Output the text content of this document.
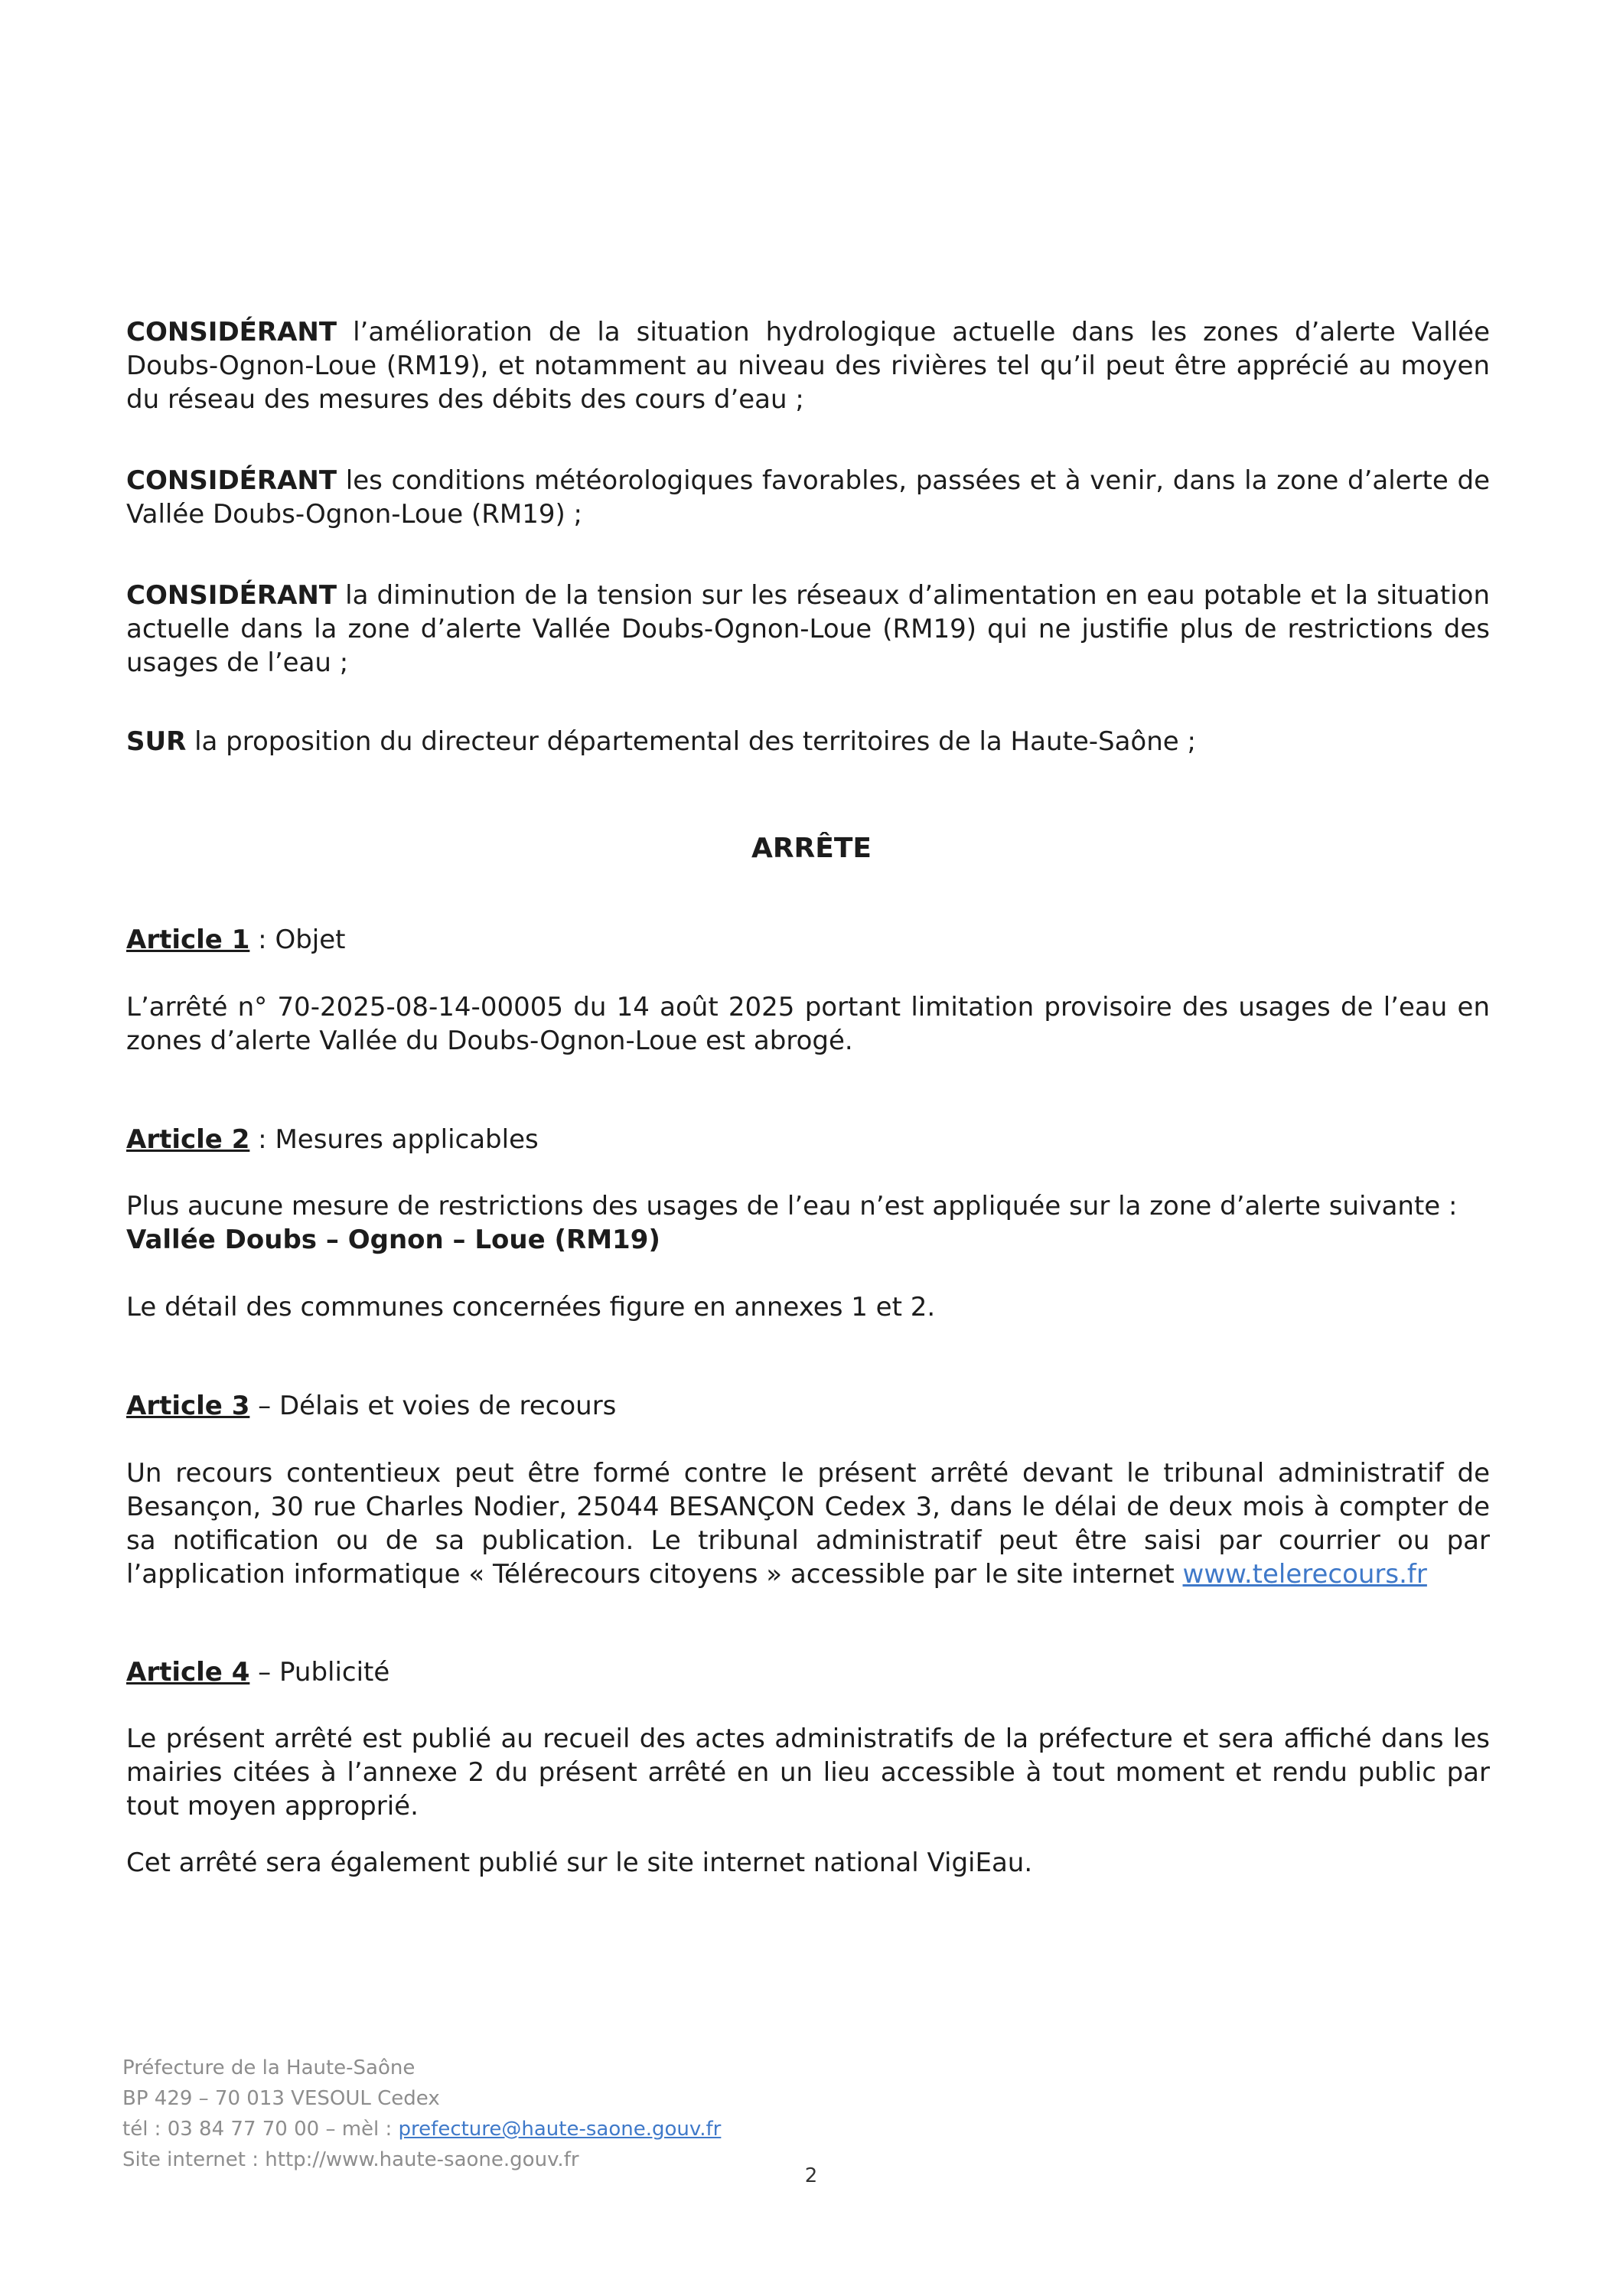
CONSIDÉRANT l’amélioration de la situation hydrologique actuelle dans les zones d’alerte Vallée Doubs-Ognon-Loue (RM19), et notamment au niveau des rivières tel qu’il peut être apprécié au moyen du réseau des mesures des débits des cours d’eau ;

CONSIDÉRANT les conditions météorologiques favorables, passées et à venir, dans la zone d’alerte de Vallée Doubs-Ognon-Loue (RM19) ;

CONSIDÉRANT la diminution de la tension sur les réseaux d’alimentation en eau potable et la situation actuelle dans la zone d’alerte Vallée Doubs-Ognon-Loue (RM19) qui ne justifie plus de restrictions des usages de l’eau ;

SUR la proposition du directeur départemental des territoires de la Haute-Saône ;

ARRÊTE

Article 1 : Objet

L’arrêté n° 70-2025-08-14-00005 du 14 août 2025 portant limitation provisoire des usages de l’eau en zones d’alerte Vallée du Doubs-Ognon-Loue est abrogé.

Article 2 : Mesures applicables

Plus aucune mesure de restrictions des usages de l’eau n’est appliquée sur la zone d’alerte suivante :
Vallée Doubs – Ognon – Loue (RM19)

Le détail des communes concernées figure en annexes 1 et 2.

Article 3 – Délais et voies de recours

Un recours contentieux peut être formé contre le présent arrêté devant le tribunal administratif de Besançon, 30 rue Charles Nodier, 25044 BESANÇON Cedex 3, dans le délai de deux mois à compter de sa notification ou de sa publication. Le tribunal administratif peut être saisi par courrier ou par l’application informatique « Télérecours citoyens » accessible par le site internet www.telerecours.fr

Article 4 – Publicité

Le présent arrêté est publié au recueil des actes administratifs de la préfecture et sera affiché dans les mairies citées à l’annexe 2 du présent arrêté en un lieu accessible à tout moment et rendu public par tout moyen approprié.

Cet arrêté sera également publié sur le site internet national VigiEau.

Préfecture de la Haute-Saône
BP 429 – 70 013 VESOUL Cedex
tél : 03 84 77 70 00 – mèl : prefecture@haute-saone.gouv.fr
Site internet : http://www.haute-saone.gouv.fr
2
